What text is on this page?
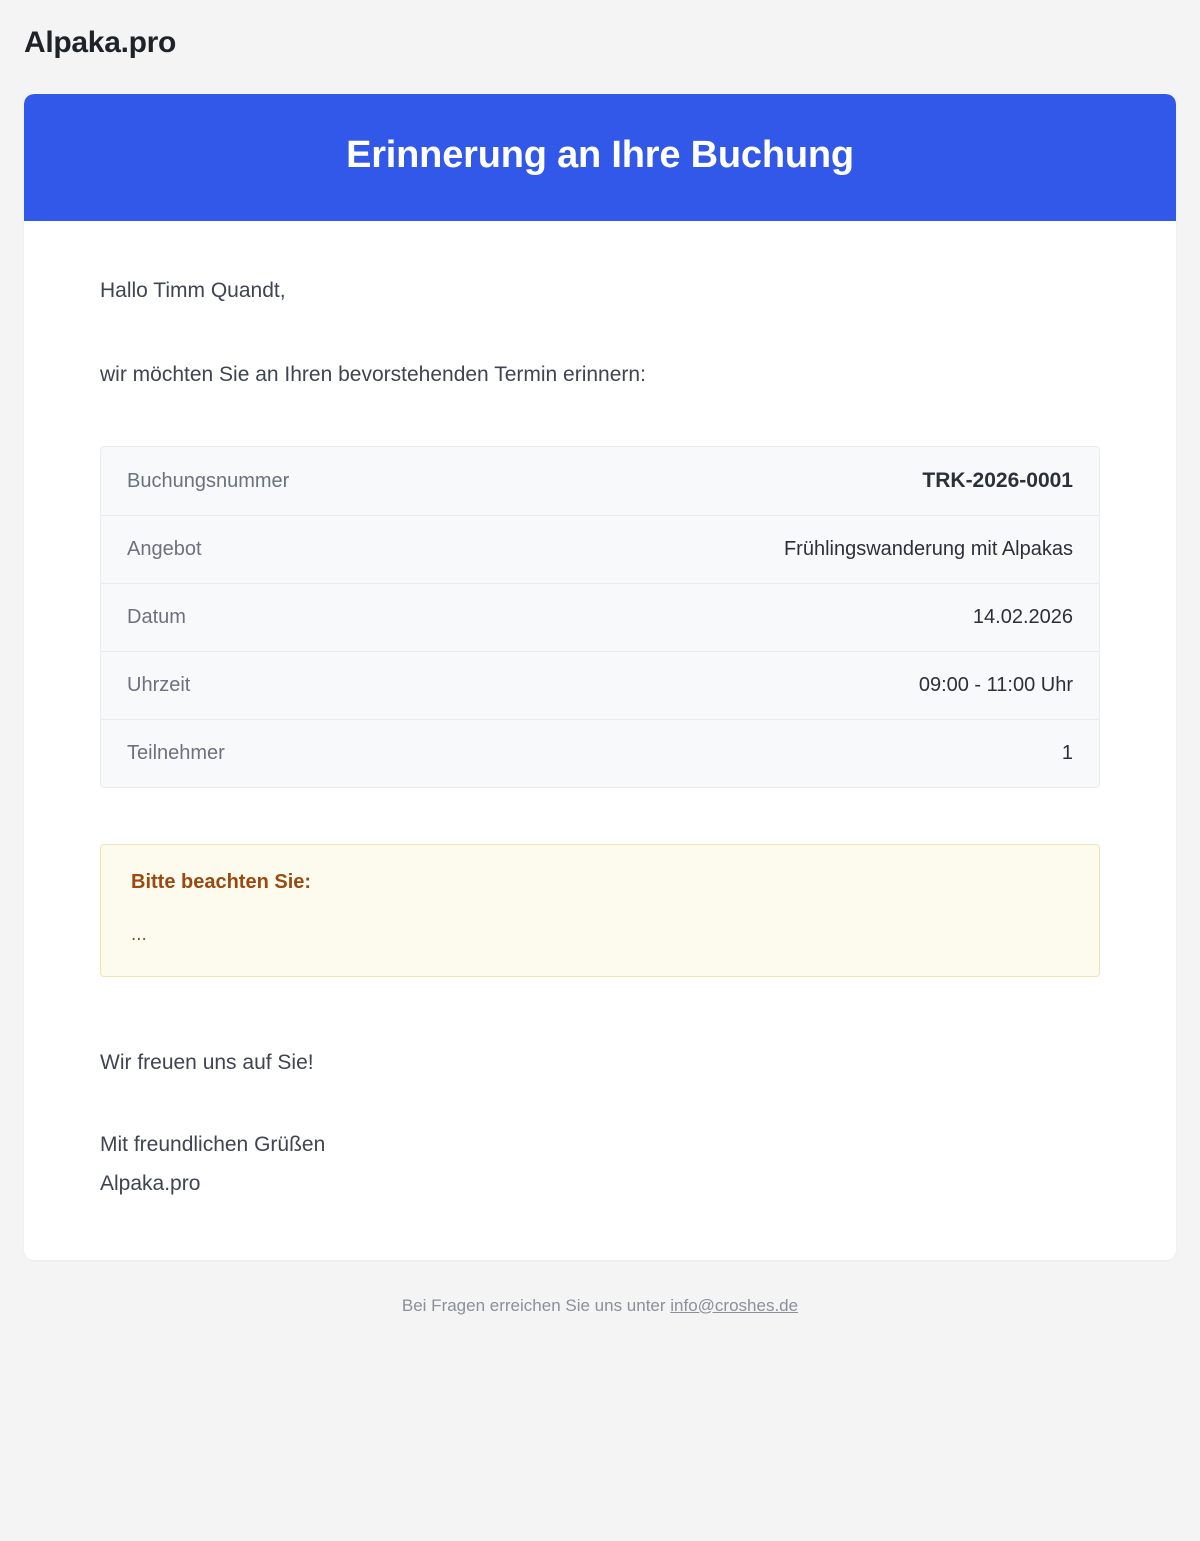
Alpaka.pro
Erinnerung an Ihre Buchung

Hallo Timm Quandt,

wir möchten Sie an Ihren bevorstehenden Termin erinnern:

Buchungsnummer	TRK-2026-0001
Angebot	Frühlingswanderung mit Alpakas
Datum	14.02.2026
Uhrzeit	09:00 - 11:00 Uhr
Teilnehmer	1

Bitte beachten Sie:

...

Wir freuen uns auf Sie!

Mit freundlichen Grüßen
Alpaka.pro
Bei Fragen erreichen Sie uns unter info@croshes.de
